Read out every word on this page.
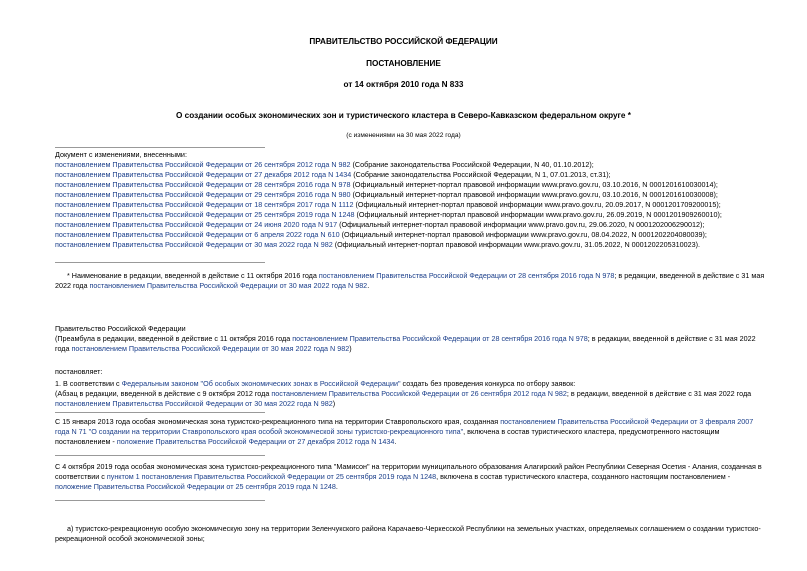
ПРАВИТЕЛЬСТВО РОССИЙСКОЙ ФЕДЕРАЦИИ
ПОСТАНОВЛЕНИЕ
от 14 октября 2010 года N 833
О создании особых экономических зон и туристического кластера в Северо-Кавказском федеральном округе *
(с изменениями на 30 мая 2022 года)

Документ с изменениями, внесенными:

постановлением Правительства Российской Федерации от 26 сентября 2012 года N 982 (Собрание законодательства Российской Федерации, N 40, 01.10.2012);

постановлением Правительства Российской Федерации от 27 декабря 2012 года N 1434 (Собрание законодательства Российской Федерации, N 1, 07.01.2013, ст.31);

постановлением Правительства Российской Федерации от 28 сентября 2016 года N 978 (Официальный интернет-портал правовой информации www.pravo.gov.ru, 03.10.2016, N 0001201610030014);

постановлением Правительства Российской Федерации от 29 сентября 2016 года N 980 (Официальный интернет-портал правовой информации www.pravo.gov.ru, 03.10.2016, N 0001201610030008);

постановлением Правительства Российской Федерации от 18 сентября 2017 года N 1112 (Официальный интернет-портал правовой информации www.pravo.gov.ru, 20.09.2017, N 0001201709200015);

постановлением Правительства Российской Федерации от 25 сентября 2019 года N 1248 (Официальный интернет-портал правовой информации www.pravo.gov.ru, 26.09.2019, N 0001201909260010);

постановлением Правительства Российской Федерации от 24 июня 2020 года N 917 (Официальный интернет-портал правовой информации www.pravo.gov.ru, 29.06.2020, N 0001202006290012);

постановлением Правительства Российской Федерации от 6 апреля 2022 года N 610 (Официальный интернет-портал правовой информации www.pravo.gov.ru, 08.04.2022, N 0001202204080039);

постановлением Правительства Российской Федерации от 30 мая 2022 года N 982 (Официальный интернет-портал правовой информации www.pravo.gov.ru, 31.05.2022, N 0001202205310023).

* Наименование в редакции, введенной в действие с 11 октября 2016 года постановлением Правительства Российской Федерации от 28 сентября 2016 года N 978; в редакции, введенной в действие с 31 мая 2022 года постановлением Правительства Российской Федерации от 30 мая 2022 года N 982.

Правительство Российской Федерации

(Преамбула в редакции, введенной в действие с 11 октября 2016 года постановлением Правительства Российской Федерации от 28 сентября 2016 года N 978; в редакции, введенной в действие с 31 мая 2022 года постановлением Правительства Российской Федерации от 30 мая 2022 года N 982)

постановляет:

1. В соответствии с Федеральным законом "Об особых экономических зонах в Российской Федерации" создать без проведения конкурса по отбору заявок:

(Абзац в редакции, введенной в действие с 9 октября 2012 года постановлением Правительства Российской Федерации от 26 сентября 2012 года N 982; в редакции, введенной в действие с 31 мая 2022 года постановлением Правительства Российской Федерации от 30 мая 2022 года N 982)

С 15 января 2013 года особая экономическая зона туристско-рекреационного типа на территории Ставропольского края, созданная постановлением Правительства Российской Федерации от 3 февраля 2007 года N 71 "О создании на территории Ставропольского края особой экономической зоны туристско-рекреационного типа", включена в состав туристического кластера, предусмотренного настоящим постановлением - положение Правительства Российской Федерации от 27 декабря 2012 года N 1434.

С 4 октября 2019 года особая экономическая зона туристско-рекреационного типа "Мамисон" на территории муниципального образования Алагирский район Республики Северная Осетия - Алания, созданная в соответствии с пунктом 1 постановления Правительства Российской Федерации от 25 сентября 2019 года N 1248, включена в состав туристического кластера, созданного настоящим постановлением - положение Правительства Российской Федерации от 25 сентября 2019 года N 1248.

а) туристско-рекреационную особую экономическую зону на территории Зеленчукского района Карачаево-Черкесской Республики на земельных участках, определяемых соглашением о создании туристско-рекреационной особой экономической зоны;
